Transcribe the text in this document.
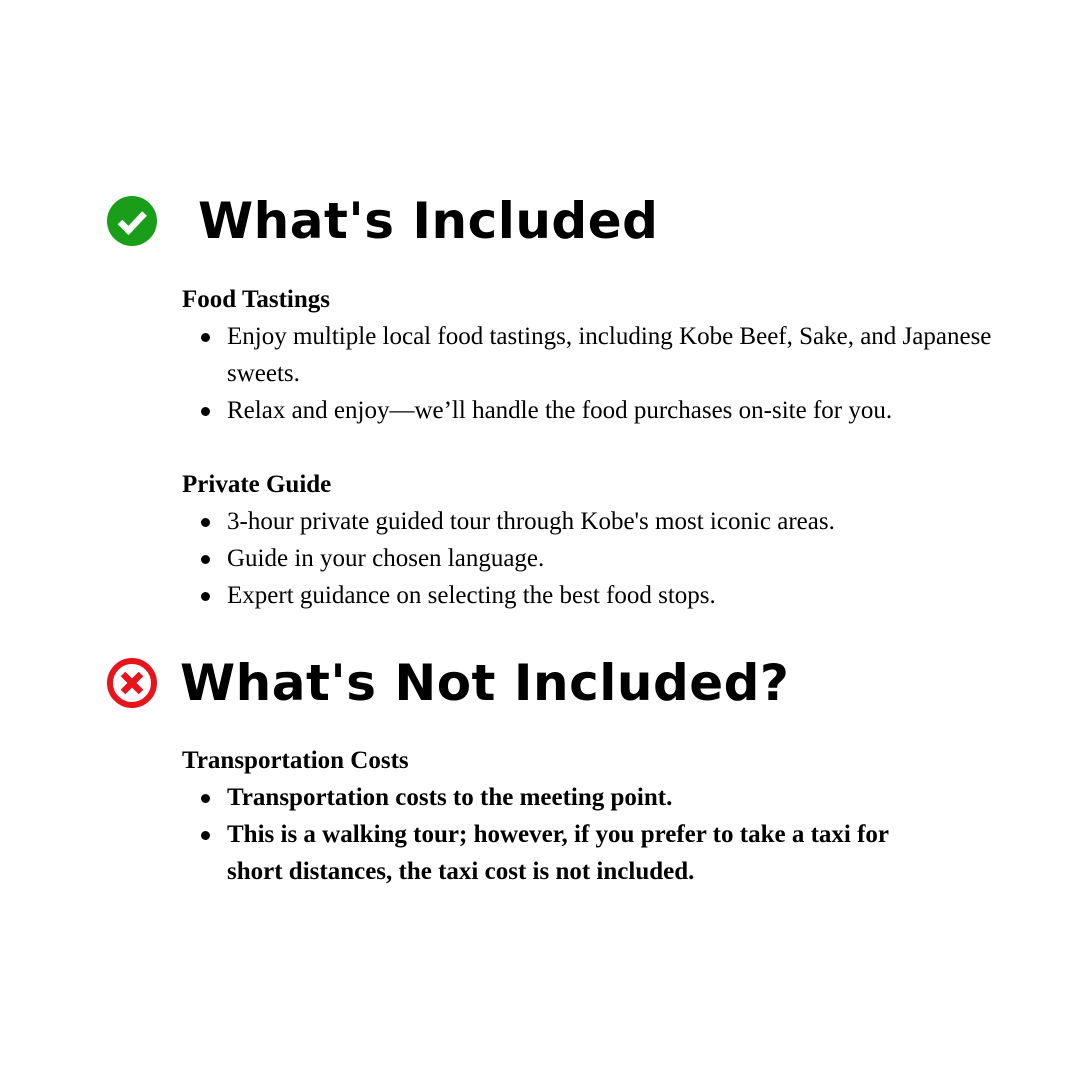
What's Included

Food Tastings

Enjoy multiple local food tastings, including Kobe Beef, Sake, and Japanese sweets.
Relax and enjoy—we’ll handle the food purchases on-site for you.

Private Guide

3-hour private guided tour through Kobe's most iconic areas.
Guide in your chosen language.
Expert guidance on selecting the best food stops.
What's Not Included?

Transportation Costs

Transportation costs to the meeting point.
This is a walking tour; however, if you prefer to take a taxi for short distances, the taxi cost is not included.
